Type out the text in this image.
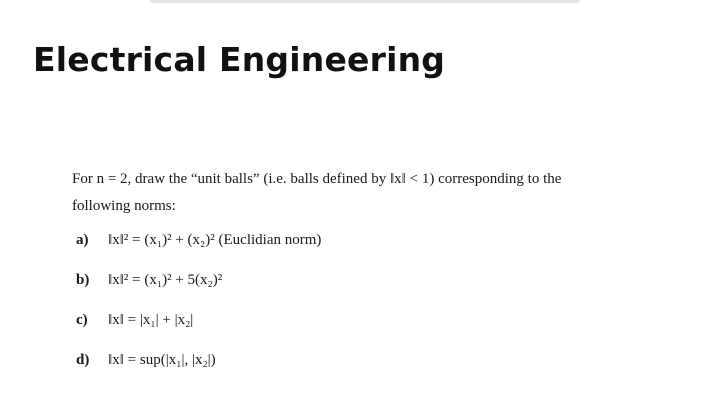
Electrical Engineering
For n = 2, draw the “unit balls” (i.e. balls defined by ‖x‖ < 1) corresponding to the
following norms:
a) ‖x‖² = (x₁)² + (x₂)² (Euclidian norm)
b) ‖x‖² = (x₁)² + 5(x₂)²
c) ‖x‖ = |x₁| + |x₂|
d) ‖x‖ = sup(|x₁|, |x₂|)
